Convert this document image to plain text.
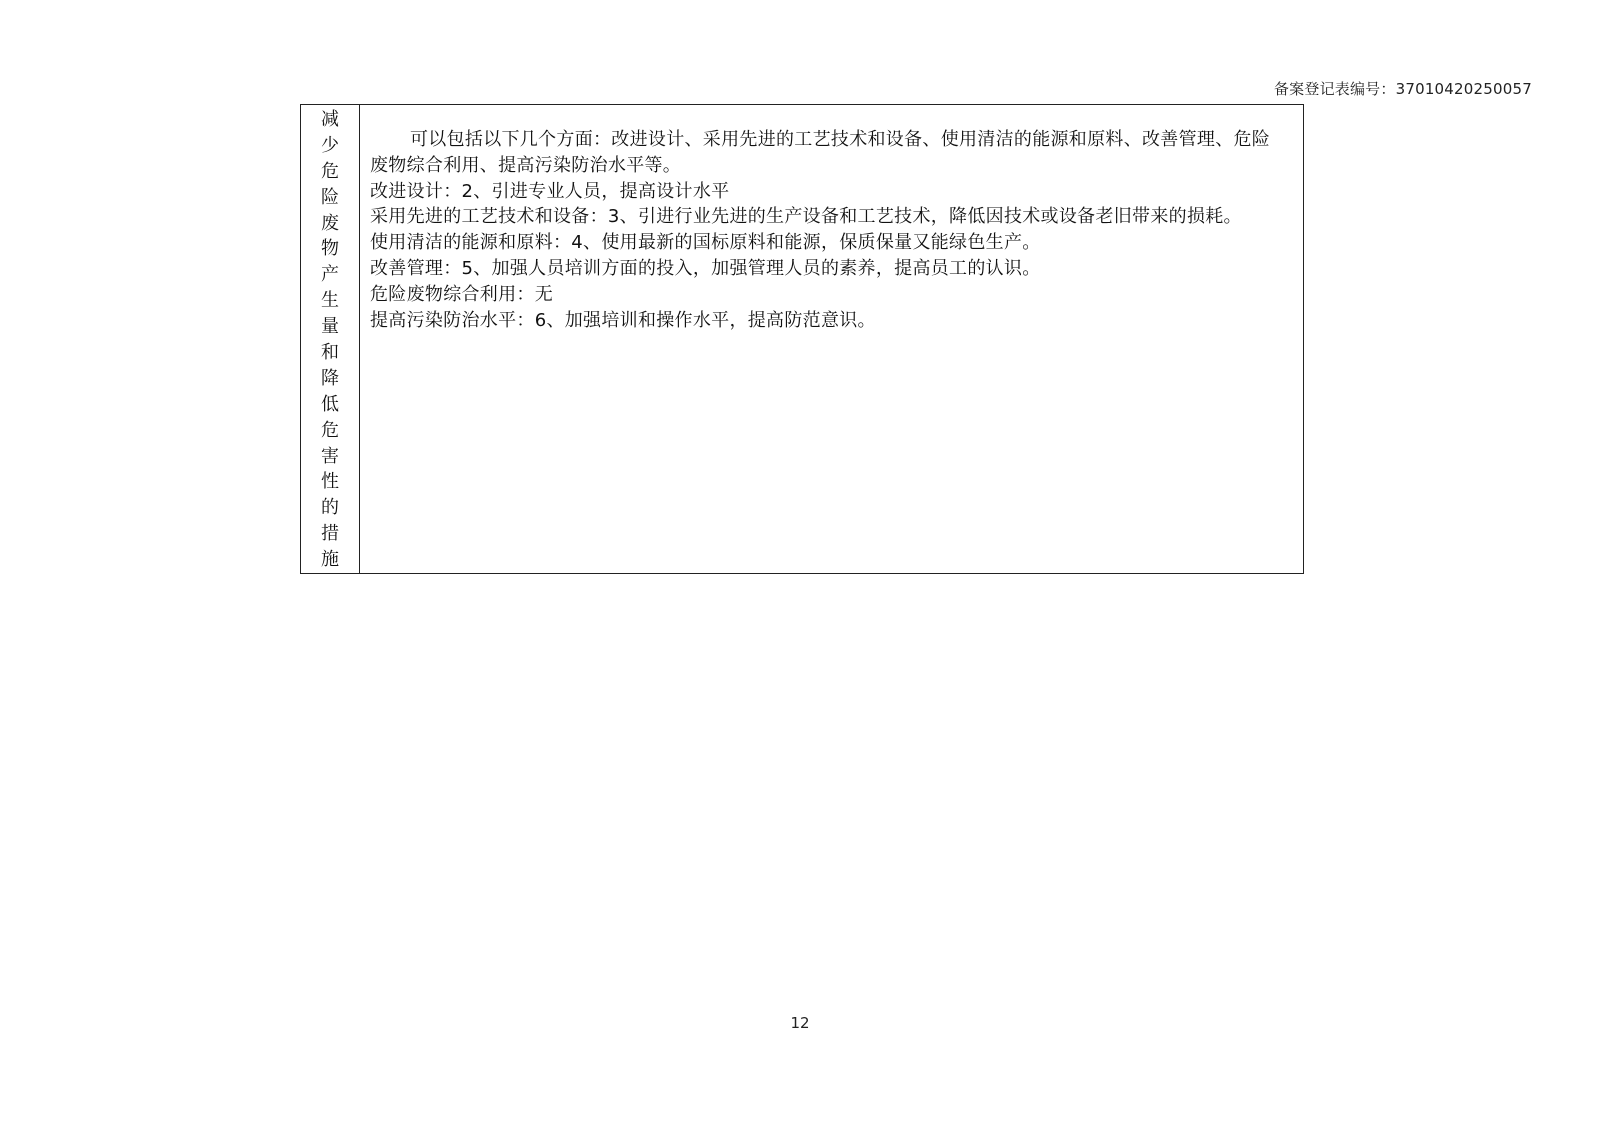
备案登记表编号：37010420250057
减
少
危
险
废
物
产
生
量
和
降
低
危
害
性
的
措
施

可以包括以下几个方面：改进设计、采用先进的工艺技术和设备、使用清洁的能源和原料、改善管理、危险废物综合利用、提高污染防治水平等。

改进设计：2、引进专业人员，提高设计水平

采用先进的工艺技术和设备：3、引进行业先进的生产设备和工艺技术，降低因技术或设备老旧带来的损耗。

使用清洁的能源和原料：4、使用最新的国标原料和能源，保质保量又能绿色生产。

改善管理：5、加强人员培训方面的投入，加强管理人员的素养，提高员工的认识。

危险废物综合利用：无

提高污染防治水平：6、加强培训和操作水平，提高防范意识。

12
